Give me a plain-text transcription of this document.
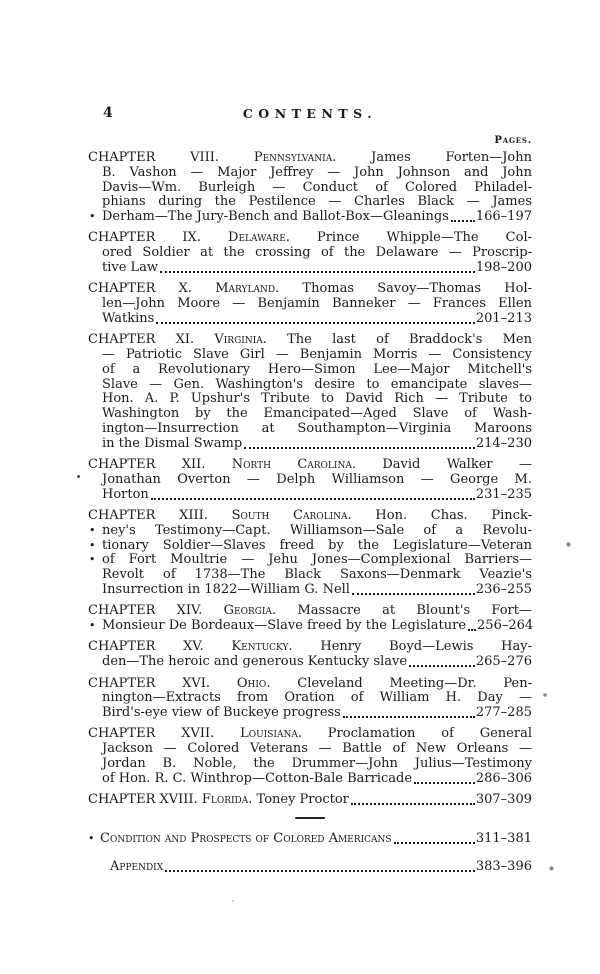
4	CONTENTS.
Pages.
CHAPTER VIII.	Pennsylvania.	James Forten—John
B. Vashon — Major Jeffrey — John Johnson and John
Davis—Wm. Burleigh — Conduct of Colored Philadel-
phians during the Pestilence — Charles Black — James
• Derham—The Jury-Bench and Ballot-Box—Gleanings 166–197
CHAPTER IX. Delaware. Prince Whipple—The Col-
ored Soldier at the crossing of the Delaware — Proscrip-
tive Law	198–200
CHAPTER X. Maryland. Thomas Savoy—Thomas Hol-
len—John Moore — Benjamin Banneker — Frances Ellen
Watkins	201–213
CHAPTER XI. Virginia. The last of Braddock's Men
— Patriotic Slave Girl — Benjamin Morris — Consistency
of a Revolutionary Hero—Simon Lee—Major Mitchell's
Slave — Gen. Washington's desire to emancipate slaves—
Hon. A. P. Upshur's Tribute to David Rich — Tribute to
Washington by the Emancipated—Aged Slave of Wash-
ington—Insurrection at Southampton—Virginia Maroons
in the Dismal Swamp	214–230
CHAPTER XII. North Carolina. David Walker —
Jonathan Overton — Delph Williamson — George M.
Horton	231–235
CHAPTER XIII. South Carolina. Hon. Chas. Pinck-
• ney's Testimony—Capt. Williamson—Sale of a Revolu-
• tionary Soldier—Slaves freed by the Legislature—Veteran
• of Fort Moultrie — Jehu Jones—Complexional Barriers—
Revolt of 1738—The Black Saxons—Denmark Veazie's
Insurrection in 1822—William G. Nell	236–255
CHAPTER XIV. Georgia. Massacre at Blount's Fort—
• Monsieur De Bordeaux—Slave freed by the Legislature 256–264
CHAPTER XV. Kentucky. Henry Boyd—Lewis Hay-
den—The heroic and generous Kentucky slave	265–276
CHAPTER XVI. Ohio. Cleveland Meeting—Dr. Pen-
nington—Extracts from Oration of William H. Day —
Bird's-eye view of Buckeye progress	277–285
CHAPTER XVII. Louisiana. Proclamation of General
Jackson — Colored Veterans — Battle of New Orleans —
Jordan B. Noble, the Drummer—John Julius—Testimony
of Hon. R. C. Winthrop—Cotton-Bale Barricade	286–306
CHAPTER XVIII. Florida. Toney Proctor	307–309
• Condition and Prospects of Colored Americans	311–381
Appendix	383–396
